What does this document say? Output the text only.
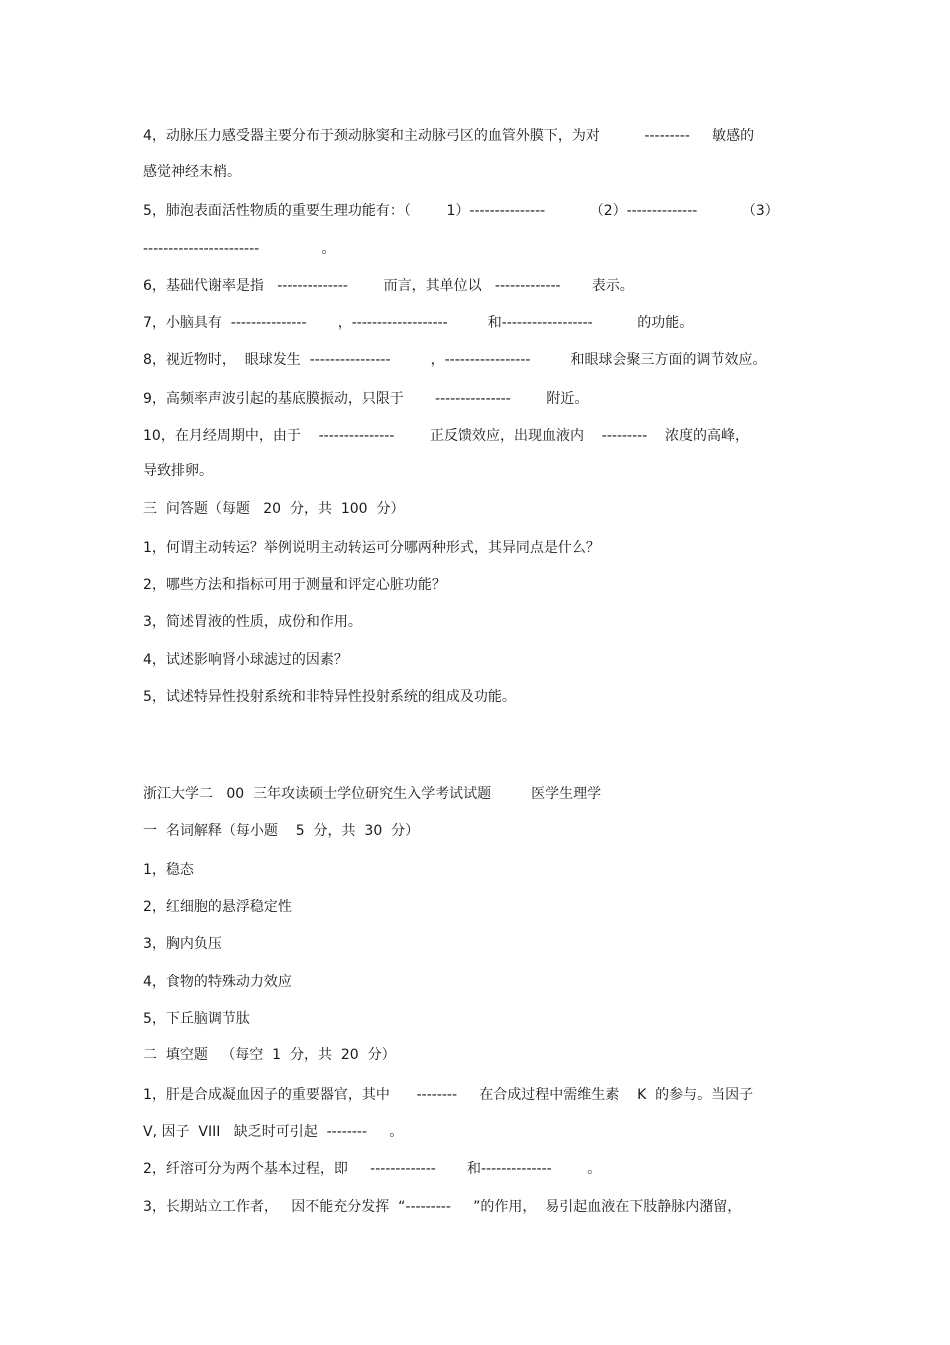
4，动脉压力感受器主要分布于颈动脉窦和主动脉弓区的血管外膜下，为对          ---------     敏感的
感觉神经末梢。
5，肺泡表面活性物质的重要生理功能有：（        1）---------------          （2）--------------          （3）
-----------------------              。
6，基础代谢率是指   --------------        而言，其单位以   -------------       表示。
7，小脑具有  ---------------       ，-------------------         和------------------          的功能。
8，视近物时，  眼球发生  ----------------         ，-----------------         和眼球会聚三方面的调节效应。
9，高频率声波引起的基底膜振动，只限于       ---------------        附近。
10，在月经周期中，由于    ---------------        正反馈效应，出现血液内    ---------    浓度的高峰，
导致排卵。
三  问答题（每题   20  分，共  100  分）
1，何谓主动转运？举例说明主动转运可分哪两种形式，其异同点是什么？
2，哪些方法和指标可用于测量和评定心脏功能？
3，简述胃液的性质，成份和作用。
4，试述影响肾小球滤过的因素？
5，试述特异性投射系统和非特异性投射系统的组成及功能。
浙江大学二   00  三年攻读硕士学位研究生入学考试试题         医学生理学
一  名词解释（每小题    5  分，共  30  分）
1，稳态
2，红细胞的悬浮稳定性
3，胸内负压
4，食物的特殊动力效应
5，下丘脑调节肽
二  填空题   （每空  1  分，共  20  分）
1，肝是合成凝血因子的重要器官，其中      --------     在合成过程中需维生素    K  的参与。当因子
V, 因子  VIII   缺乏时可引起  --------     。
2，纤溶可分为两个基本过程，即     -------------       和--------------        。
3，长期站立工作者，   因不能充分发挥  “---------     ”的作用，  易引起血液在下肢静脉内潴留，
